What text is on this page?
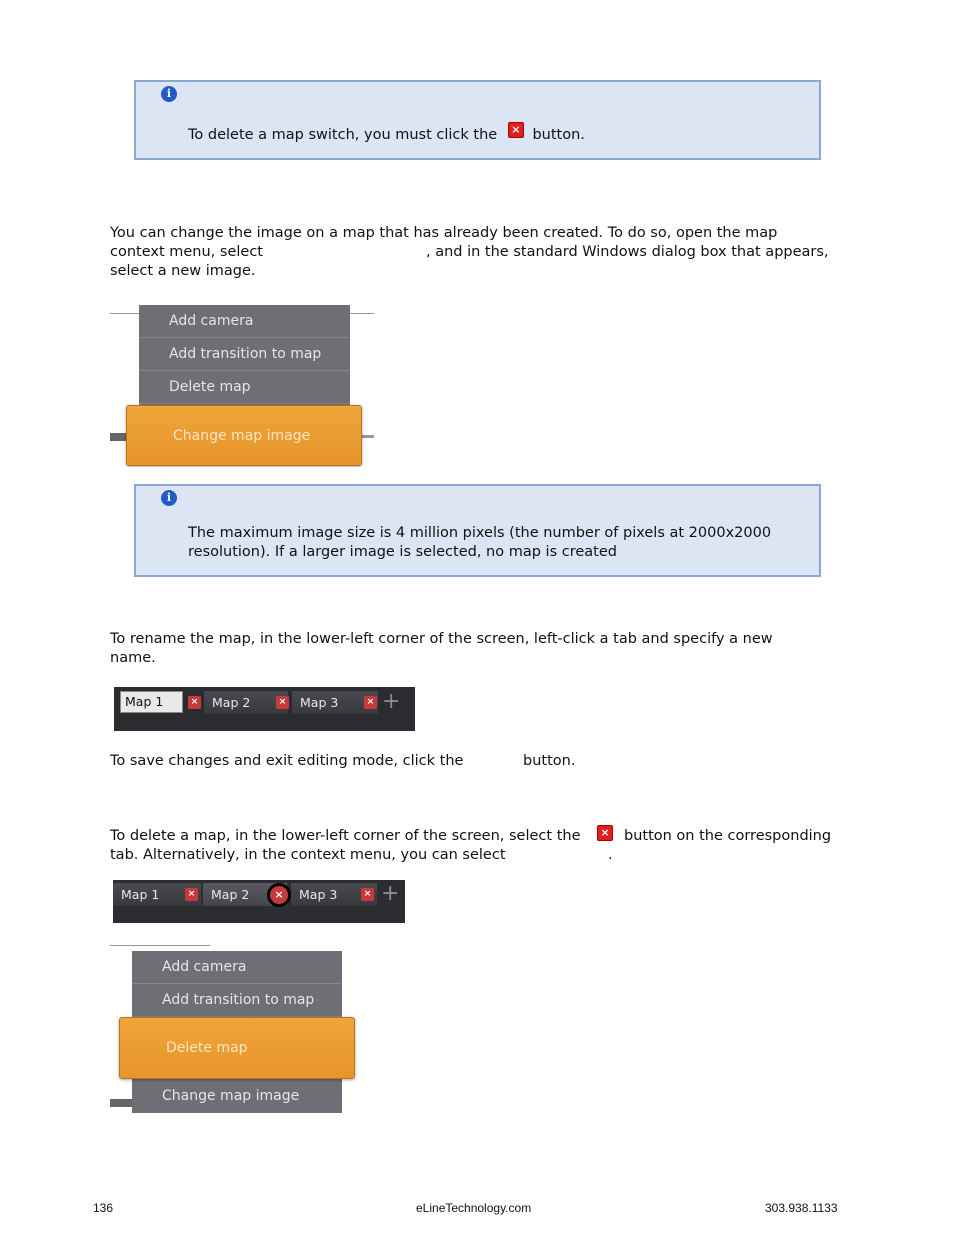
i
To delete a map switch, you must click the × button.
You can change the image on a map that has already been created. To do so, open the map
context menu, select	, and in the standard Windows dialog box that appears,
select a new image.
Add camera
Add transition to map
Delete map
Change map image
i
The maximum image size is 4 million pixels (the number of pixels at 2000x2000
resolution). If a larger image is selected, no map is created
To rename the map, in the lower-left corner of the screen, left-click a tab and specify a new
name.
Map 1	×	Map 2	×	Map 3	× +
To save changes and exit editing mode, click the	button.
To delete a map, in the lower-left corner of the screen, select the	× button on the corresponding
tab. Alternatively, in the context menu, you can select	.
Map 1	×	Map 2	×	Map 3	× +
Add camera
Add transition to map
Change map image
Delete map
136	eLineTechnology.com	303.938.1133
